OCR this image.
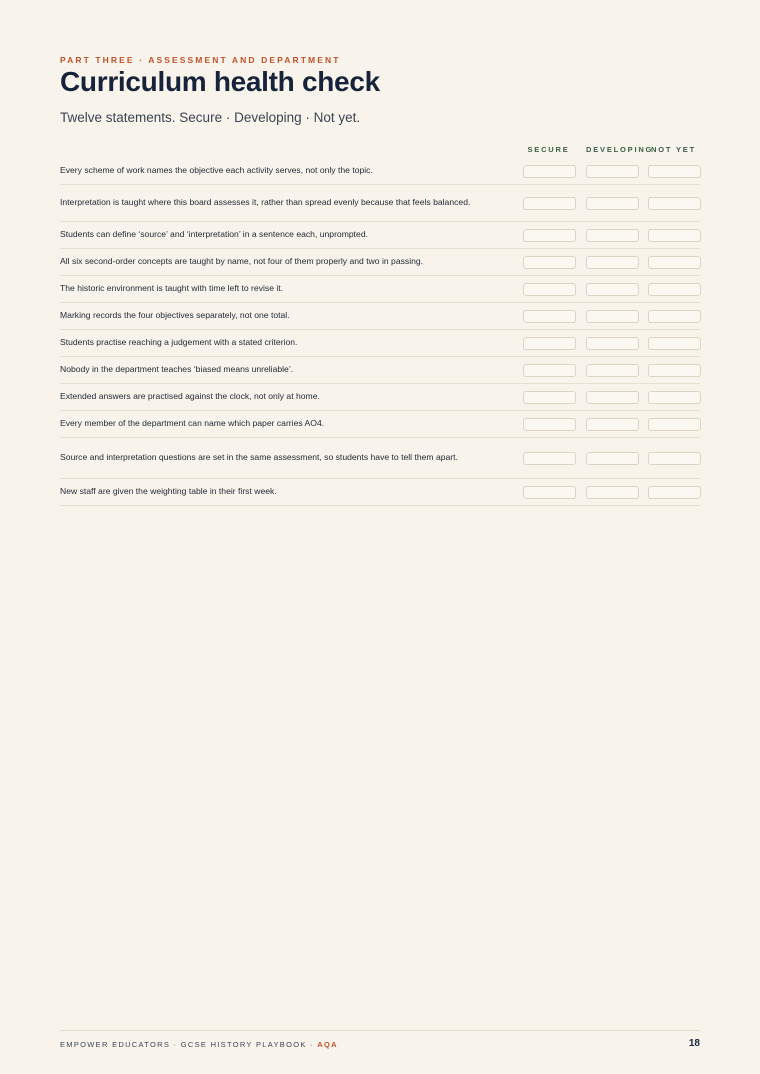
PART THREE · ASSESSMENT AND DEPARTMENT
Curriculum health check
Twelve statements. Secure · Developing · Not yet.
SECURE	DEVELOPING
NOT YET
Every scheme of work names the objective each activity serves, not only the topic.
Interpretation is taught where this board assesses it, rather than spread evenly because that feels balanced.
Students can define ‘source’ and ‘interpretation’ in a sentence each, unprompted.
All six second-order concepts are taught by name, not four of them properly and two in passing.
The historic environment is taught with time left to revise it.
Marking records the four objectives separately, not one total.
Students practise reaching a judgement with a stated criterion.
Nobody in the department teaches ‘biased means unreliable’.
Extended answers are practised against the clock, not only at home.
Every member of the department can name which paper carries AO4.
Source and interpretation questions are set in the same assessment, so students have to tell them apart.
New staff are given the weighting table in their first week.
EMPOWER EDUCATORS · GCSE HISTORY PLAYBOOK · AQA	18
